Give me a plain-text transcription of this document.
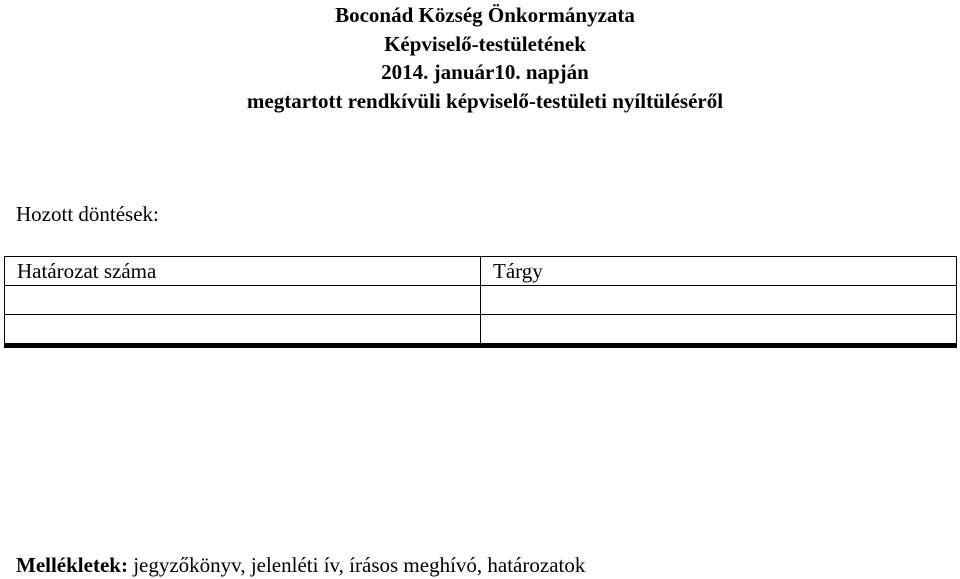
Boconád Község Önkormányzata
Képviselő-testületének
2014. január10. napján
megtartott rendkívüli képviselő-testületi nyíltüléséről
Hozott döntések:
Határozat száma	Tárgy

Mellékletek: jegyzőkönyv, jelenléti ív, írásos meghívó, határozatok
